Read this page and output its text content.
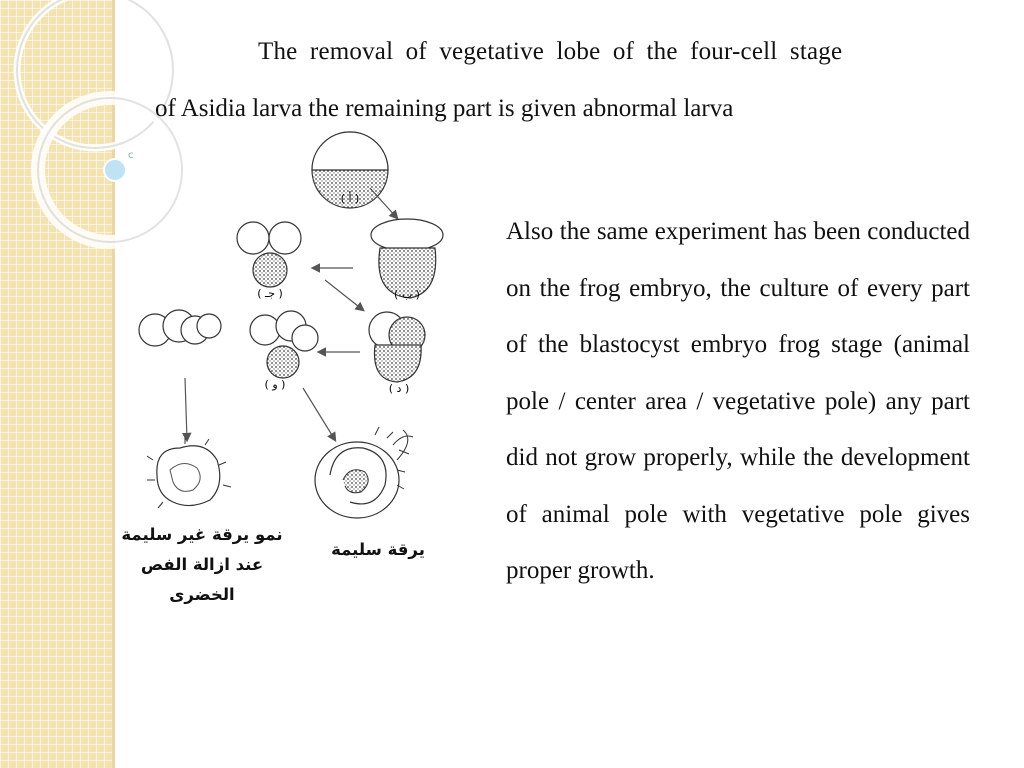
c
The removal of vegetative lobe of the four-cell stage
of Asidia larva the remaining part is given abnormal larva
( أ )
( ب )
( جـ )
( د )
( و )
نمو يرقة غير سليمة عند ازالة الفص الخضرى
يرقة سليمة
Also the same experiment has been conducted on the frog embryo, the culture of every part of the blastocyst embryo frog stage (animal pole / center area / vegetative pole) any part did not grow properly, while the development of animal pole with vegetative pole gives proper growth.
